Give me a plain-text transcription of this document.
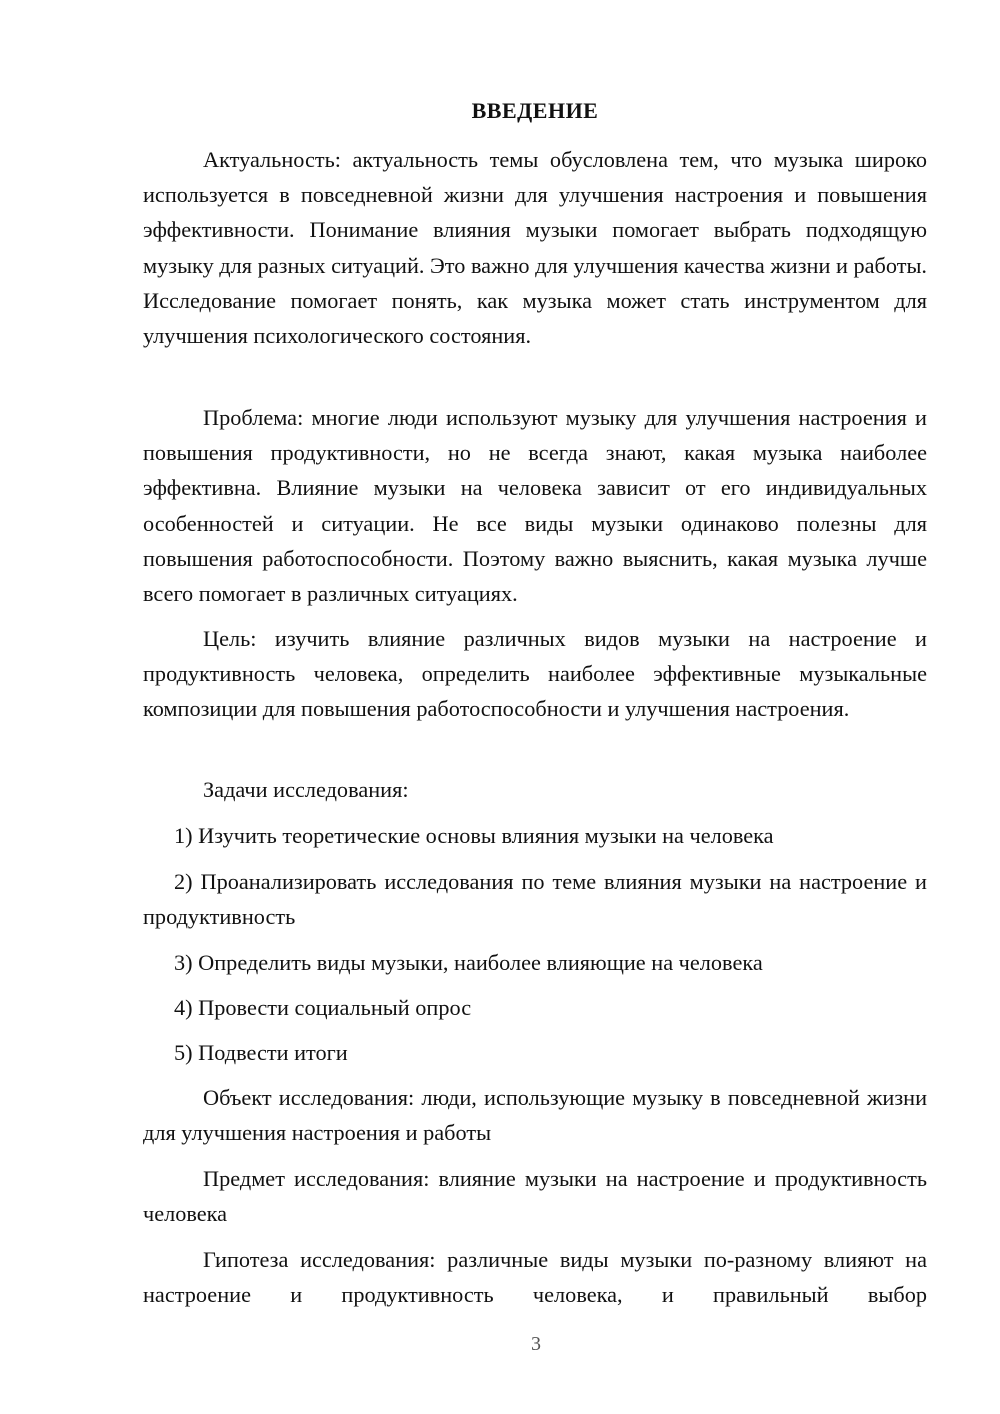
ВВЕДЕНИЕ

Актуальность: актуальность темы обусловлена тем, что музыка широко используется в повседневной жизни для улучшения настроения и повышения эффективности. Понимание влияния музыки помогает выбрать подходящую музыку для разных ситуаций. Это важно для улучшения качества жизни и работы. Исследование помогает понять, как музыка может стать инструментом для улучшения психологического состояния.

Проблема: многие люди используют музыку для улучшения настроения и повышения продуктивности, но не всегда знают, какая музыка наиболее эффективна. Влияние музыки на человека зависит от его индивидуальных особенностей и ситуации. Не все виды музыки одинаково полезны для повышения работоспособности. Поэтому важно выяснить, какая музыка лучше всего помогает в различных ситуациях.

Цель: изучить влияние различных видов музыки на настроение и продуктивность человека, определить наиболее эффективные музыкальные композиции для повышения работоспособности и улучшения настроения.

Задачи исследования:

1) Изучить теоретические основы влияния музыки на человека

2) Проанализировать исследования по теме влияния музыки на настроение и продуктивность

3) Определить виды музыки, наиболее влияющие на человека

4) Провести социальный опрос

5) Подвести итоги

Объект исследования: люди, использующие музыку в повседневной жизни для улучшения настроения и работы

Предмет исследования: влияние музыки на настроение и продуктивность человека

Гипотеза исследования: различные виды музыки по-разному влияют на настроение и продуктивность человека, и правильный выбор

3
